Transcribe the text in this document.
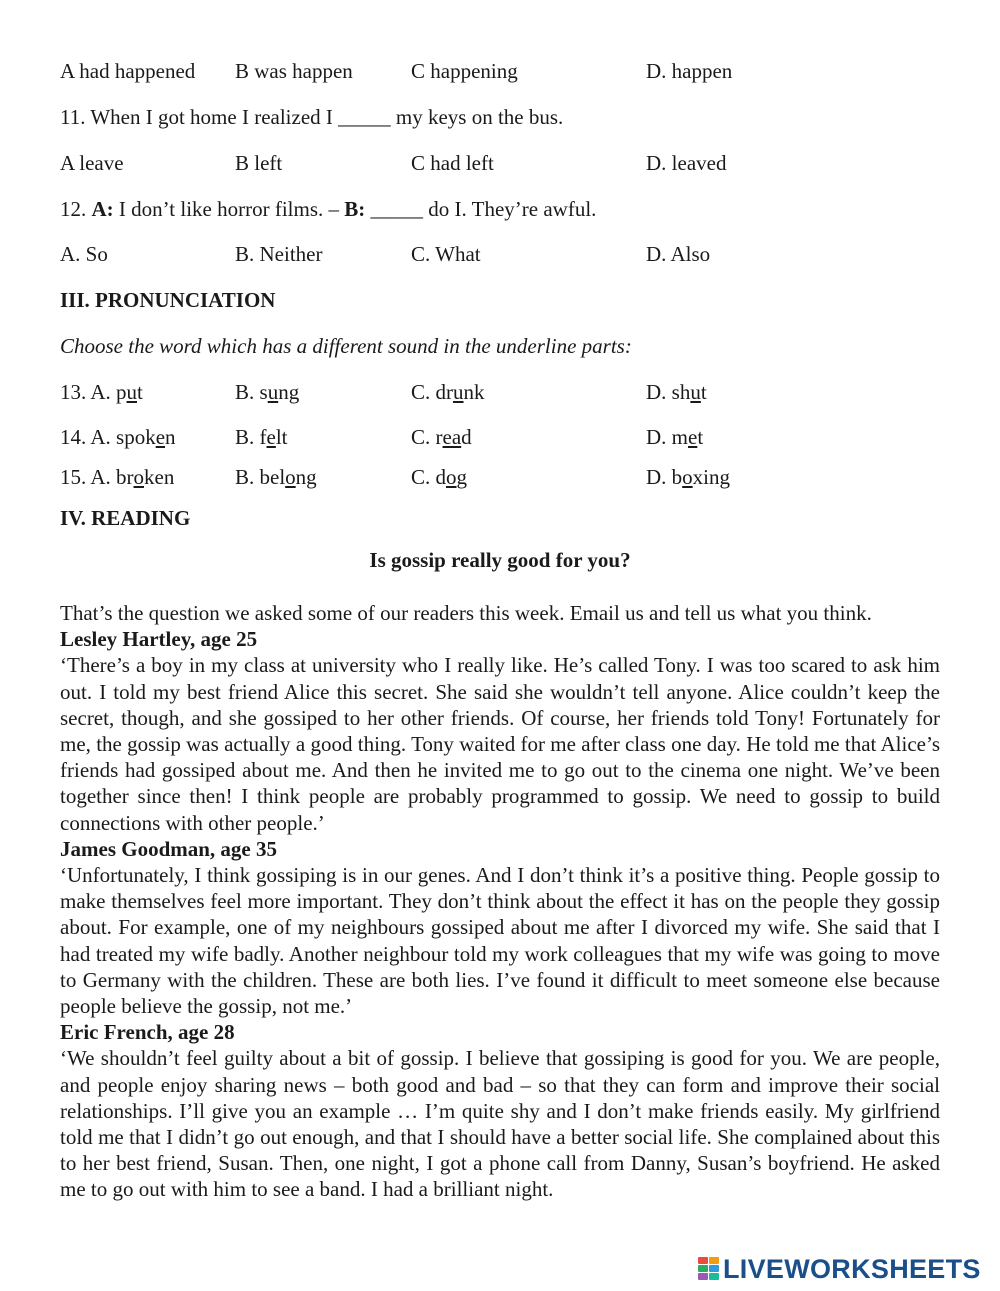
A had happened B was happen	C happening	D. happen
11. When I got home I realized I _____ my keys on the bus.
A leave	B left	C had left	D. leaved
12. A: I don’t like horror films. – B: _____ do I. They’re awful.
A. So	B. Neither	C. What	D. Also
III. PRONUNCIATION
Choose the word which has a different sound in the underline parts:
13. A. put	B. sung	C. drunk	D. shut
14. A. spoken	B. felt	C. read	D. met
15. A. broken	B. belong	C. dog	D. boxing
IV. READING
Is gossip really good for you?

That’s the question we asked some of our readers this week. Email us and tell us what you think.

Lesley Hartley, age 25

‘There’s a boy in my class at university who I really like. He’s called Tony. I was too scared to ask him out. I told my best friend Alice this secret. She said she wouldn’t tell anyone. Alice couldn’t keep the secret, though, and she gossiped to her other friends. Of course, her friends told Tony! Fortunately for me, the gossip was actually a good thing. Tony waited for me after class one day. He told me that Alice’s friends had gossiped about me. And then he invited me to go out to the cinema one night. We’ve been together since then! I think people are probably programmed to gossip. We need to gossip to build connections with other people.’

James Goodman, age 35

‘Unfortunately, I think gossiping is in our genes. And I don’t think it’s a positive thing. People gossip to make themselves feel more important. They don’t think about the effect it has on the people they gossip about. For example, one of my neighbours gossiped about me after I divorced my wife. She said that I had treated my wife badly. Another neighbour told my work colleagues that my wife was going to move to Germany with the children. These are both lies. I’ve found it difficult to meet someone else because people believe the gossip, not me.’

Eric French, age 28

‘We shouldn’t feel guilty about a bit of gossip. I believe that gossiping is good for you. We are people, and people enjoy sharing news – both good and bad – so that they can form and improve their social relationships. I’ll give you an example … I’m quite shy and I don’t make friends easily. My girlfriend told me that I didn’t go out enough, and that I should have a better social life. She complained about this to her best friend, Susan. Then, one night, I got a phone call from Danny, Susan’s boyfriend. He asked me to go out with him to see a band. I had a brilliant night.

LIVEWORKSHEETS
